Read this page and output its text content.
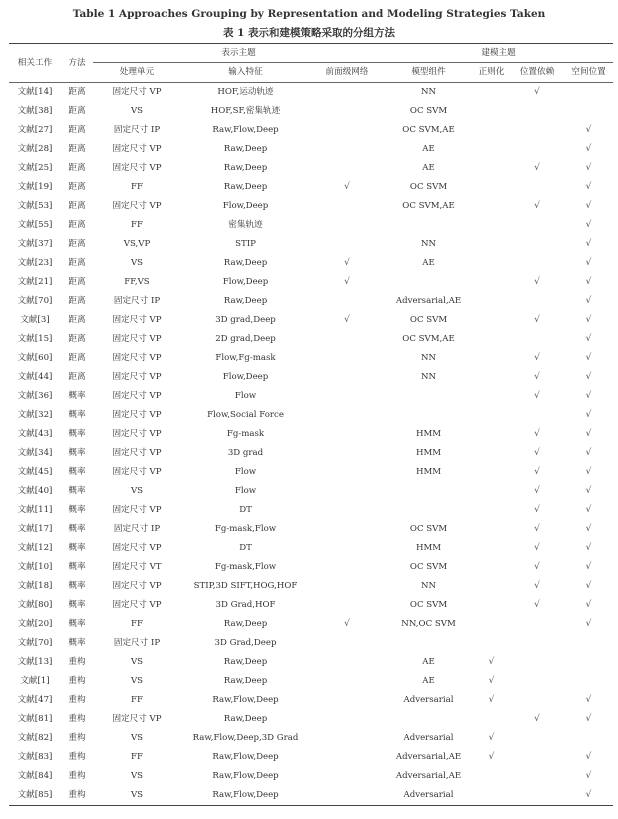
Table 1 Approaches Grouping by Representation and Modeling Strategies Taken
表 1 表示和建模策略采取的分组方法
相关工作	方法	表示主题			建模主题			
		处理单元	输入特征	前面级网络	模型组件	正则化	位置依赖	空间位置
文献[14]	距离	固定尺寸 VP	HOF,运动轨迹		NN		√	
文献[38]	距离	VS	HOF,SF,密集轨迹		OC SVM			
文献[27]	距离	固定尺寸 IP	Raw,Flow,Deep		OC SVM,AE			√
文献[28]	距离	固定尺寸 VP	Raw,Deep		AE			√
文献[25]	距离	固定尺寸 VP	Raw,Deep		AE		√	√
文献[19]	距离	FF	Raw,Deep	√	OC SVM			√
文献[53]	距离	固定尺寸 VP	Flow,Deep		OC SVM,AE		√	√
文献[55]	距离	FF	密集轨迹					√
文献[37]	距离	VS,VP	STIP		NN			√
文献[23]	距离	VS	Raw,Deep	√	AE			√
文献[21]	距离	FF,VS	Flow,Deep	√			√	√
文献[70]	距离	固定尺寸 IP	Raw,Deep		Adversarial,AE			√
文献[3]	距离	固定尺寸 VP	3D grad,Deep	√	OC SVM		√	√
文献[15]	距离	固定尺寸 VP	2D grad,Deep		OC SVM,AE			√
文献[60]	距离	固定尺寸 VP	Flow,Fg-mask		NN		√	√
文献[44]	距离	固定尺寸 VP	Flow,Deep		NN		√	√
文献[36]	概率	固定尺寸 VP	Flow				√	√
文献[32]	概率	固定尺寸 VP	Flow,Social Force					√
文献[43]	概率	固定尺寸 VP	Fg-mask		HMM		√	√
文献[34]	概率	固定尺寸 VP	3D grad		HMM		√	√
文献[45]	概率	固定尺寸 VP	Flow		HMM		√	√
文献[40]	概率	VS	Flow				√	√
文献[11]	概率	固定尺寸 VP	DT				√	√
文献[17]	概率	固定尺寸 IP	Fg-mask,Flow		OC SVM		√	√
文献[12]	概率	固定尺寸 VP	DT		HMM		√	√
文献[10]	概率	固定尺寸 VT	Fg-mask,Flow		OC SVM		√	√
文献[18]	概率	固定尺寸 VP	STIP,3D SIFT,HOG,HOF		NN		√	√
文献[80]	概率	固定尺寸 VP	3D Grad,HOF		OC SVM		√	√
文献[20]	概率	FF	Raw,Deep	√	NN,OC SVM			√
文献[70]	概率	固定尺寸 IP	3D Grad,Deep					
文献[13]	重构	VS	Raw,Deep		AE	√		
文献[1]	重构	VS	Raw,Deep		AE	√		
文献[47]	重构	FF	Raw,Flow,Deep		Adversarial	√		√
文献[81]	重构	固定尺寸 VP	Raw,Deep				√	√
文献[82]	重构	VS	Raw,Flow,Deep,3D Grad		Adversarial	√		
文献[83]	重构	FF	Raw,Flow,Deep		Adversarial,AE	√		√
文献[84]	重构	VS	Raw,Flow,Deep		Adversarial,AE			√
文献[85]	重构	VS	Raw,Flow,Deep		Adversarial			√
